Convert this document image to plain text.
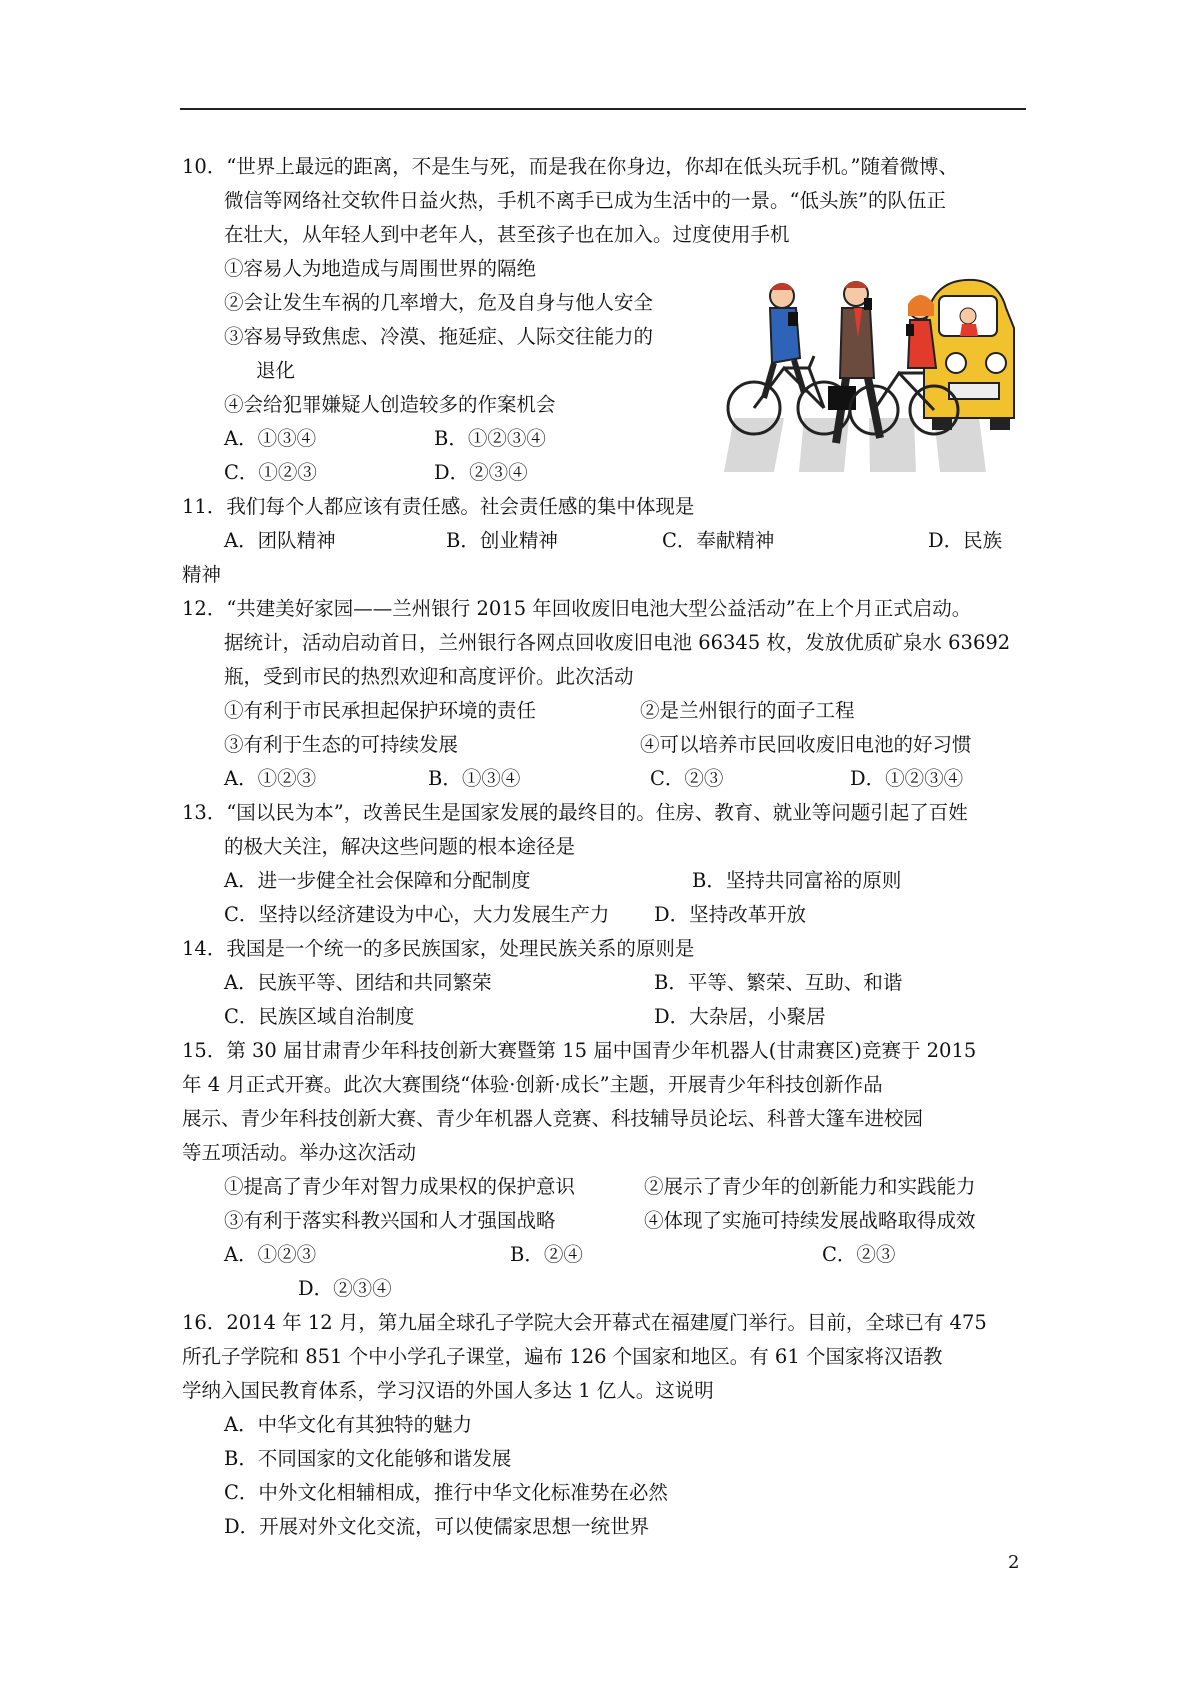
10．“世界上最远的距离，不是生与死，而是我在你身边，你却在低头玩手机。”随着微博、
微信等网络社交软件日益火热，手机不离手已成为生活中的一景。“低头族”的队伍正
在壮大，从年轻人到中老年人，甚至孩子也在加入。过度使用手机
①容易人为地造成与周围世界的隔绝
②会让发生车祸的几率增大，危及自身与他人安全
③容易导致焦虑、冷漠、拖延症、人际交往能力的
退化
④会给犯罪嫌疑人创造较多的作案机会
A．①③④	B．①②③④
C．①②③	D．②③④
11．我们每个人都应该有责任感。社会责任感的集中体现是
A．团队精神	B．创业精神	C．奉献精神	D．民族
精神
12．“共建美好家园——兰州银行 2015 年回收废旧电池大型公益活动”在上个月正式启动。
据统计，活动启动首日，兰州银行各网点回收废旧电池 66345 枚，发放优质矿泉水 63692
瓶，受到市民的热烈欢迎和高度评价。此次活动
①有利于市民承担起保护环境的责任	②是兰州银行的面子工程
③有利于生态的可持续发展	④可以培养市民回收废旧电池的好习惯
A．①②③	B．①③④	C．②③	D．①②③④
13．“国以民为本”，改善民生是国家发展的最终目的。住房、教育、就业等问题引起了百姓
的极大关注，解决这些问题的根本途径是
A．进一步健全社会保障和分配制度	B．坚持共同富裕的原则
C．坚持以经济建设为中心，大力发展生产力 D．坚持改革开放
14．我国是一个统一的多民族国家，处理民族关系的原则是
A．民族平等、团结和共同繁荣	B．平等、繁荣、互助、和谐
C．民族区域自治制度	D．大杂居，小聚居
15．第 30 届甘肃青少年科技创新大赛暨第 15 届中国青少年机器人(甘肃赛区)竞赛于 2015
年 4 月正式开赛。此次大赛围绕“体验·创新·成长”主题，开展青少年科技创新作品
展示、青少年科技创新大赛、青少年机器人竞赛、科技辅导员论坛、科普大篷车进校园
等五项活动。举办这次活动
①提高了青少年对智力成果权的保护意识	②展示了青少年的创新能力和实践能力
③有利于落实科教兴国和人才强国战略	④体现了实施可持续发展战略取得成效
A．①②③	B．②④	C．②③
D．②③④
16．2014 年 12 月，第九届全球孔子学院大会开幕式在福建厦门举行。目前，全球已有 475
所孔子学院和 851 个中小学孔子课堂，遍布 126 个国家和地区。有 61 个国家将汉语教
学纳入国民教育体系，学习汉语的外国人多达 1 亿人。这说明
A．中华文化有其独特的魅力
B．不同国家的文化能够和谐发展
C．中外文化相辅相成，推行中华文化标准势在必然
D．开展对外文化交流，可以使儒家思想一统世界
2
